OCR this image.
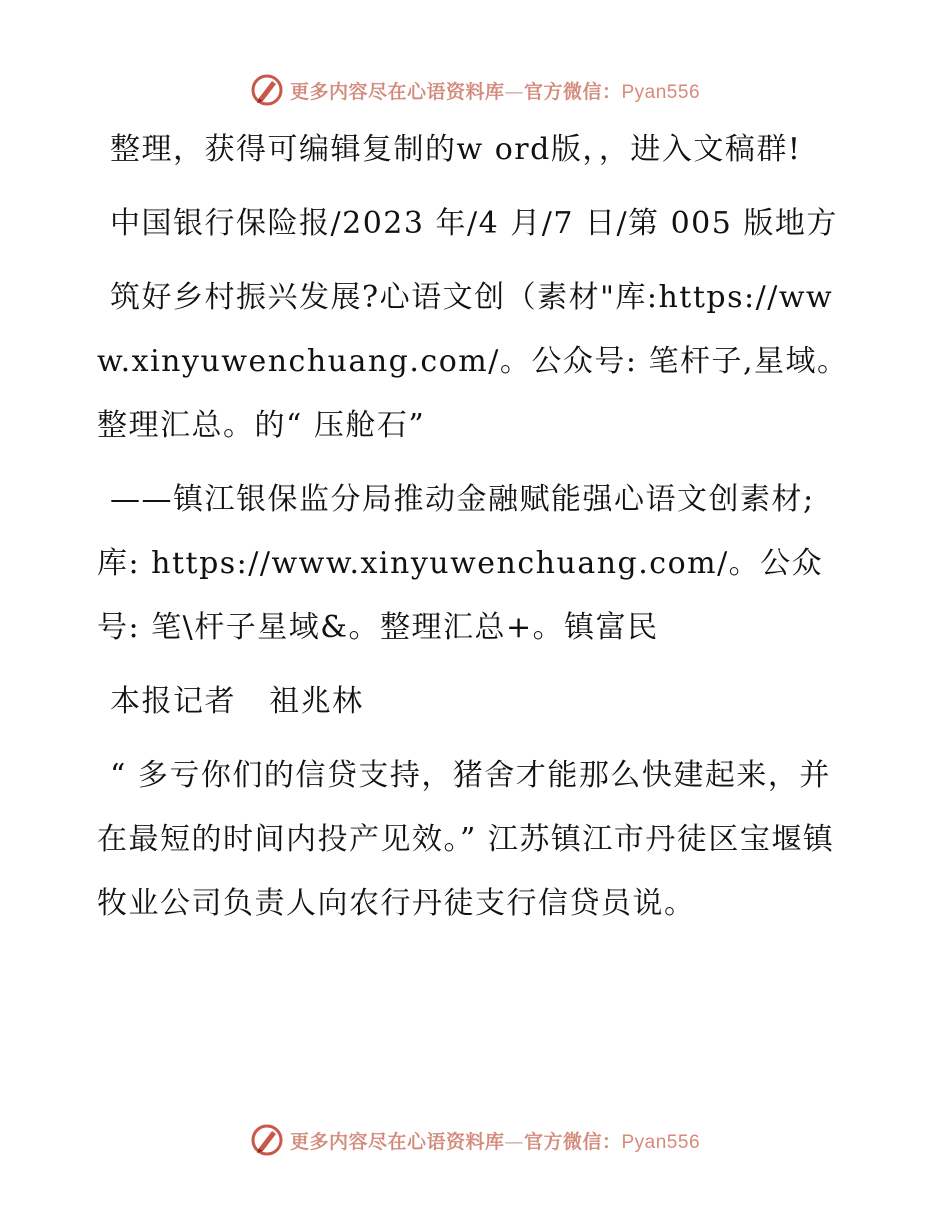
更多内容尽在心语资料库—官方微信：Pyan556

整理，获得可编辑复制的w ord版，，进入文稿群!

中国银行保险报/2023 年/4 月/7 日/第 005 版地方

筑好乡村振兴发展?心语文创（素材"库:https://www.xinyuwenchuang.com/。公众号: 笔杆子,星域。整理汇总。的“ 压舱石”

——镇江银保监分局推动金融赋能强心语文创素材;库: https://www.xinyuwenchuang.com/。公众号: 笔\杆子星域&。整理汇总+。镇富民

本报记者   祖兆林

“ 多亏你们的信贷支持，猪舍才能那么快建起来，并在最短的时间内投产见效。” 江苏镇江市丹徒区宝堰镇牧业公司负责人向农行丹徒支行信贷员说。

更多内容尽在心语资料库—官方微信：Pyan556
